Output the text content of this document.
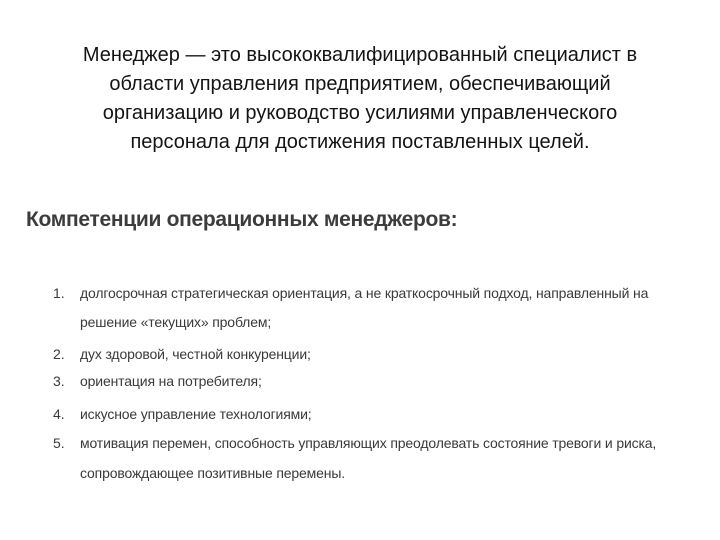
Менеджер — это высококвалифицированный специалист в
области управления предприятием, обеспечивающий
организацию и руководство усилиями управленческого
персонала для достижения поставленных целей.
Компетенции операционных менеджеров:
1. долгосрочная стратегическая ориентация, а не краткосрочный подход, направленный на
решение «текущих» проблем;
2. дух здоровой, честной конкуренции;
3. ориентация на потребителя;
4. искусное управление технологиями;
5. мотивация перемен, способность управляющих преодолевать состояние тревоги и риска,
сопровождающее позитивные перемены.
